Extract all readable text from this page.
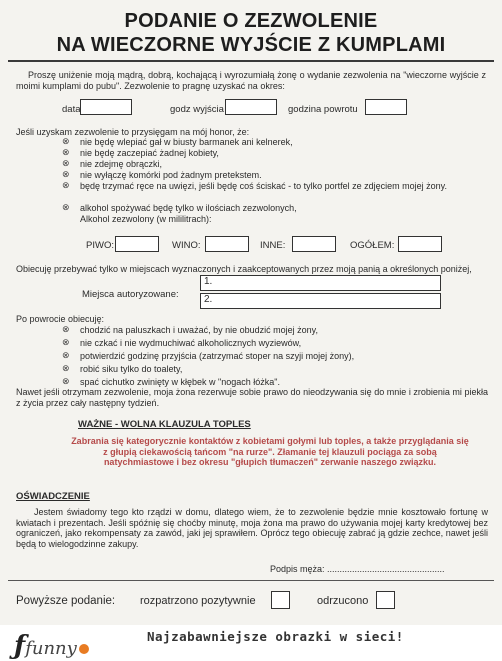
PODANIE O ZEZWOLENIE
NA WIECZORNE WYJŚCIE Z KUMPLAMI
Proszę uniżenie moją mądrą, dobrą, kochającą i wyrozumiałą żonę o wydanie zezwolenia na "wieczorne wyjście z moimi kumplami do pubu". Zezwolenie to pragnę uzyskać na okres:
data	godz wyjścia	godzina powrotu
Jeśli uzyskam zezwolenie to przysięgam na mój honor, że:
⊗ nie będę wlepiać gał w biusty barmanek ani kelnerek,
⊗ nie będę zaczepiać żadnej kobiety,
⊗ nie zdejmę obrączki,
⊗ nie wyłączę komórki pod żadnym pretekstem.
⊗ będę trzymać ręce na uwięzi, jeśli będę coś ściskać - to tylko portfel ze zdjęciem mojej żony.
⊗ alkohol spożywać będę tylko w ilościach zezwolonych,
Alkohol zezwolony (w mililitrach):
PIWO:	WINO:	INNE:	OGÓŁEM:
Obiecuję przebywać tylko w miejscach wyznaczonych i zaakceptowanych przez moją panią a określonych poniżej,
Miejsca autoryzowane:
1.
2.
Po powrocie obiecuję:
⊗ chodzić na paluszkach i uważać, by nie obudzić mojej żony,
⊗ nie czkać i nie wydmuchiwać alkoholicznych wyziewów,
⊗ potwierdzić godzinę przyjścia (zatrzymać stoper na szyji mojej żony),
⊗ robić siku tylko do toalety,
⊗ spać cichutko zwinięty w kłębek w "nogach łóżka".
Nawet jeśli otrzymam zezwolenie, moja żona rezerwuje sobie prawo do nieodzywania się do mnie i zrobienia mi piekła z życia przez cały następny tydzień.
WAŻNE - WOLNA KLAUZULA TOPLES
Zabrania się kategorycznie kontaktów z kobietami gołymi lub toples, a także przyglądania się z głupią ciekawością tańcom "na rurze". Złamanie tej klauzuli pociąga za sobą natychmiastowe i bez okresu "głupich tłumaczeń" zerwanie naszego związku.
OŚWIADCZENIE
Jestem świadomy tego kto rządzi w domu, dlatego wiem, że to zezwolenie będzie mnie kosztowało fortunę w kwiatach i prezentach. Jeśli spóźnię się choćby minutę, moja żona ma prawo do używania mojej karty kredytowej bez ograniczeń, jako rekompensaty za zawód, jaki jej sprawiłem. Oprócz tego obiecuję zabrać ją gdzie zechce, nawet jeśli będą to wielogodzinne zakupy.
Podpis męża: ...............................................
Powyższe podanie: rozpatrzono pozytywnie	odrzucono
ƒfunny
Najzabawniejsze obrazki w sieci!
